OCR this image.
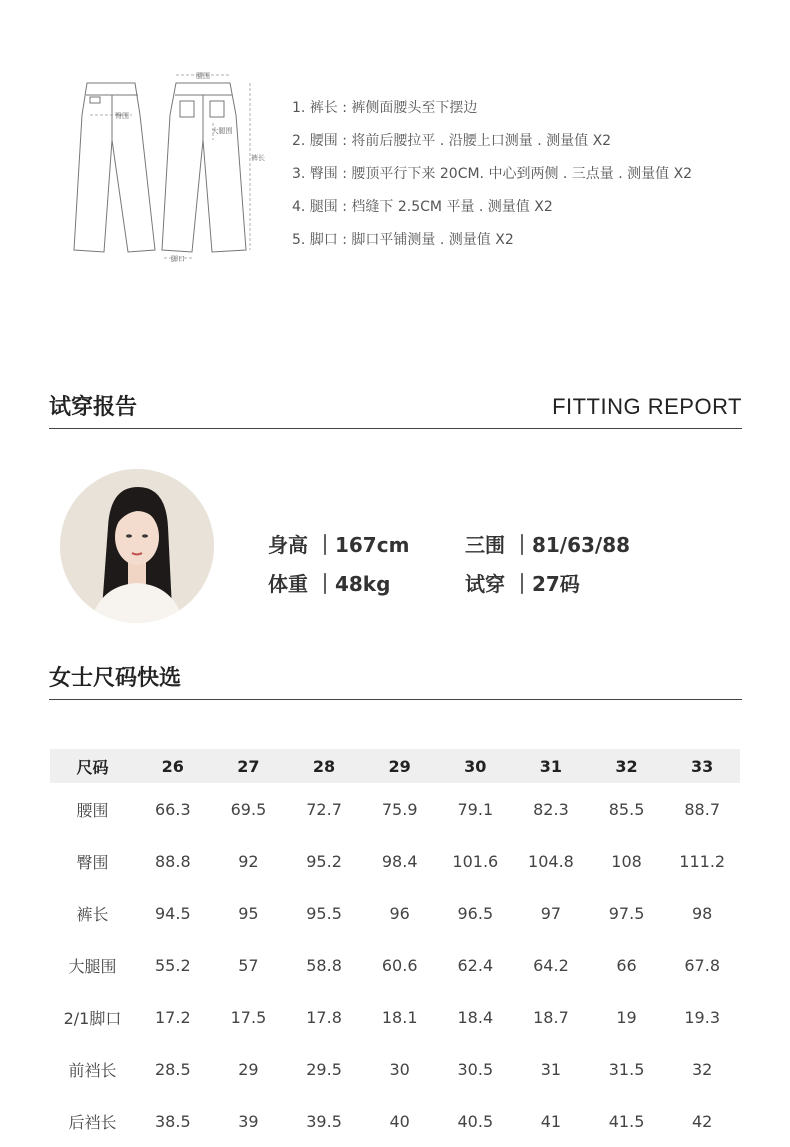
腰围
臀围
裤长
大腿围
脚口
1. 裤长 : 裤侧面腰头至下摆边
2. 腰围 : 将前后腰拉平 . 沿腰上口测量 . 测量值 X2
3. 臀围 : 腰顶平行下来 20CM. 中心到两侧 . 三点量 . 测量值 X2
4. 腿围 : 档缝下 2.5CM 平量 . 测量值 X2
5. 脚口 : 脚口平铺测量 . 测量值 X2
试穿报告	FITTING REPORT
身高 ｜167cm
体重 ｜48kg
三围 ｜81/63/88
试穿 ｜27码
女士尺码快选
尺码	26	27	28	29	30	31	32	33
腰围	66.3	69.5	72.7	75.9	79.1	82.3	85.5	88.7
臀围	88.8	92	95.2	98.4	101.6	104.8	108	111.2
裤长	94.5	95	95.5	96	96.5	97	97.5	98
大腿围	55.2	57	58.8	60.6	62.4	64.2	66	67.8
2/1脚口	17.2	17.5	17.8	18.1	18.4	18.7	19	19.3
前裆长	28.5	29	29.5	30	30.5	31	31.5	32
后裆长	38.5	39	39.5	40	40.5	41	41.5	42
